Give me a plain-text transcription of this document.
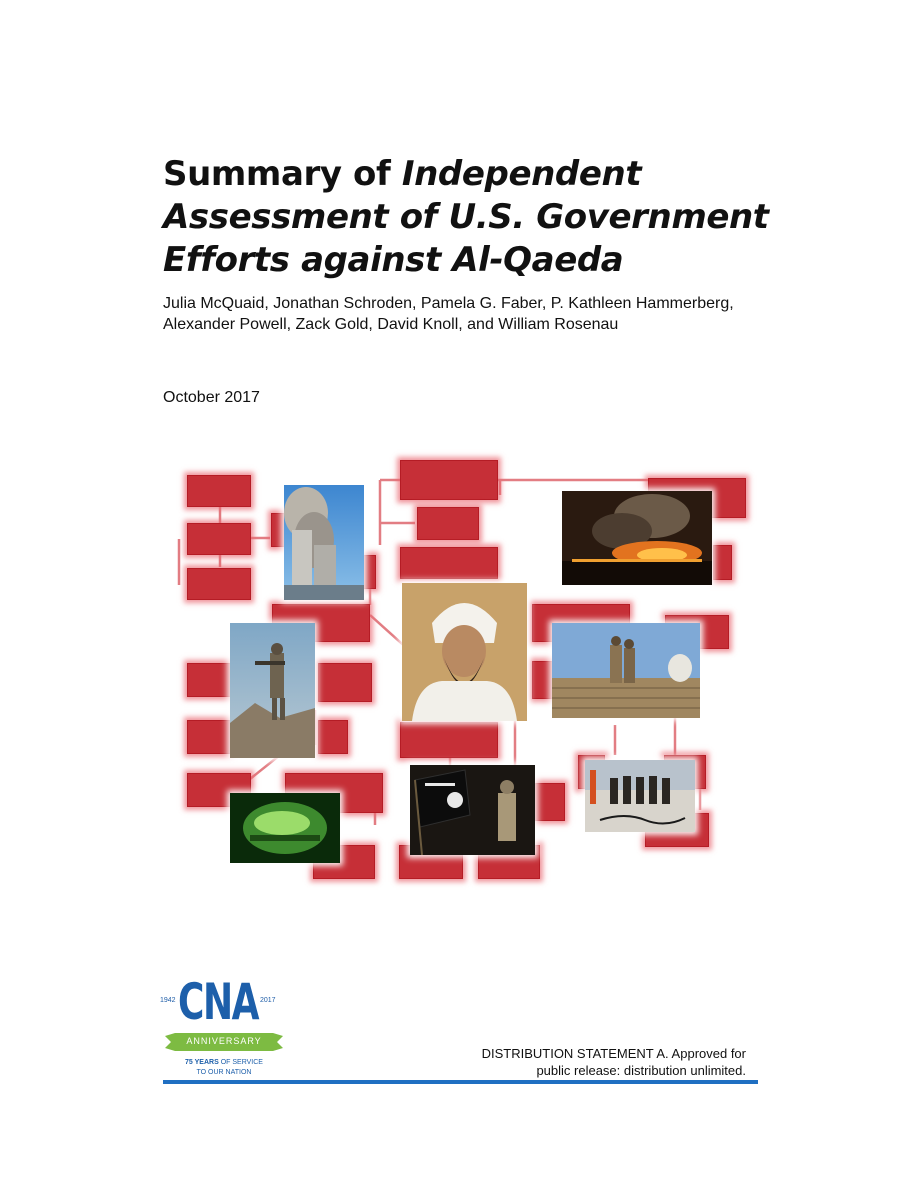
Summary of Independent
Assessment of U.S. Government
Efforts against Al-Qaeda
Julia McQuaid, Jonathan Schroden, Pamela G. Faber, P. Kathleen Hammerberg, Alexander Powell, Zack Gold, David Knoll, and William Rosenau
October 2017
1942 CNA 2017
ANNIVERSARY
75 YEARS OF SERVICE
TO OUR NATION
DISTRIBUTION STATEMENT A. Approved for
public release: distribution unlimited.
